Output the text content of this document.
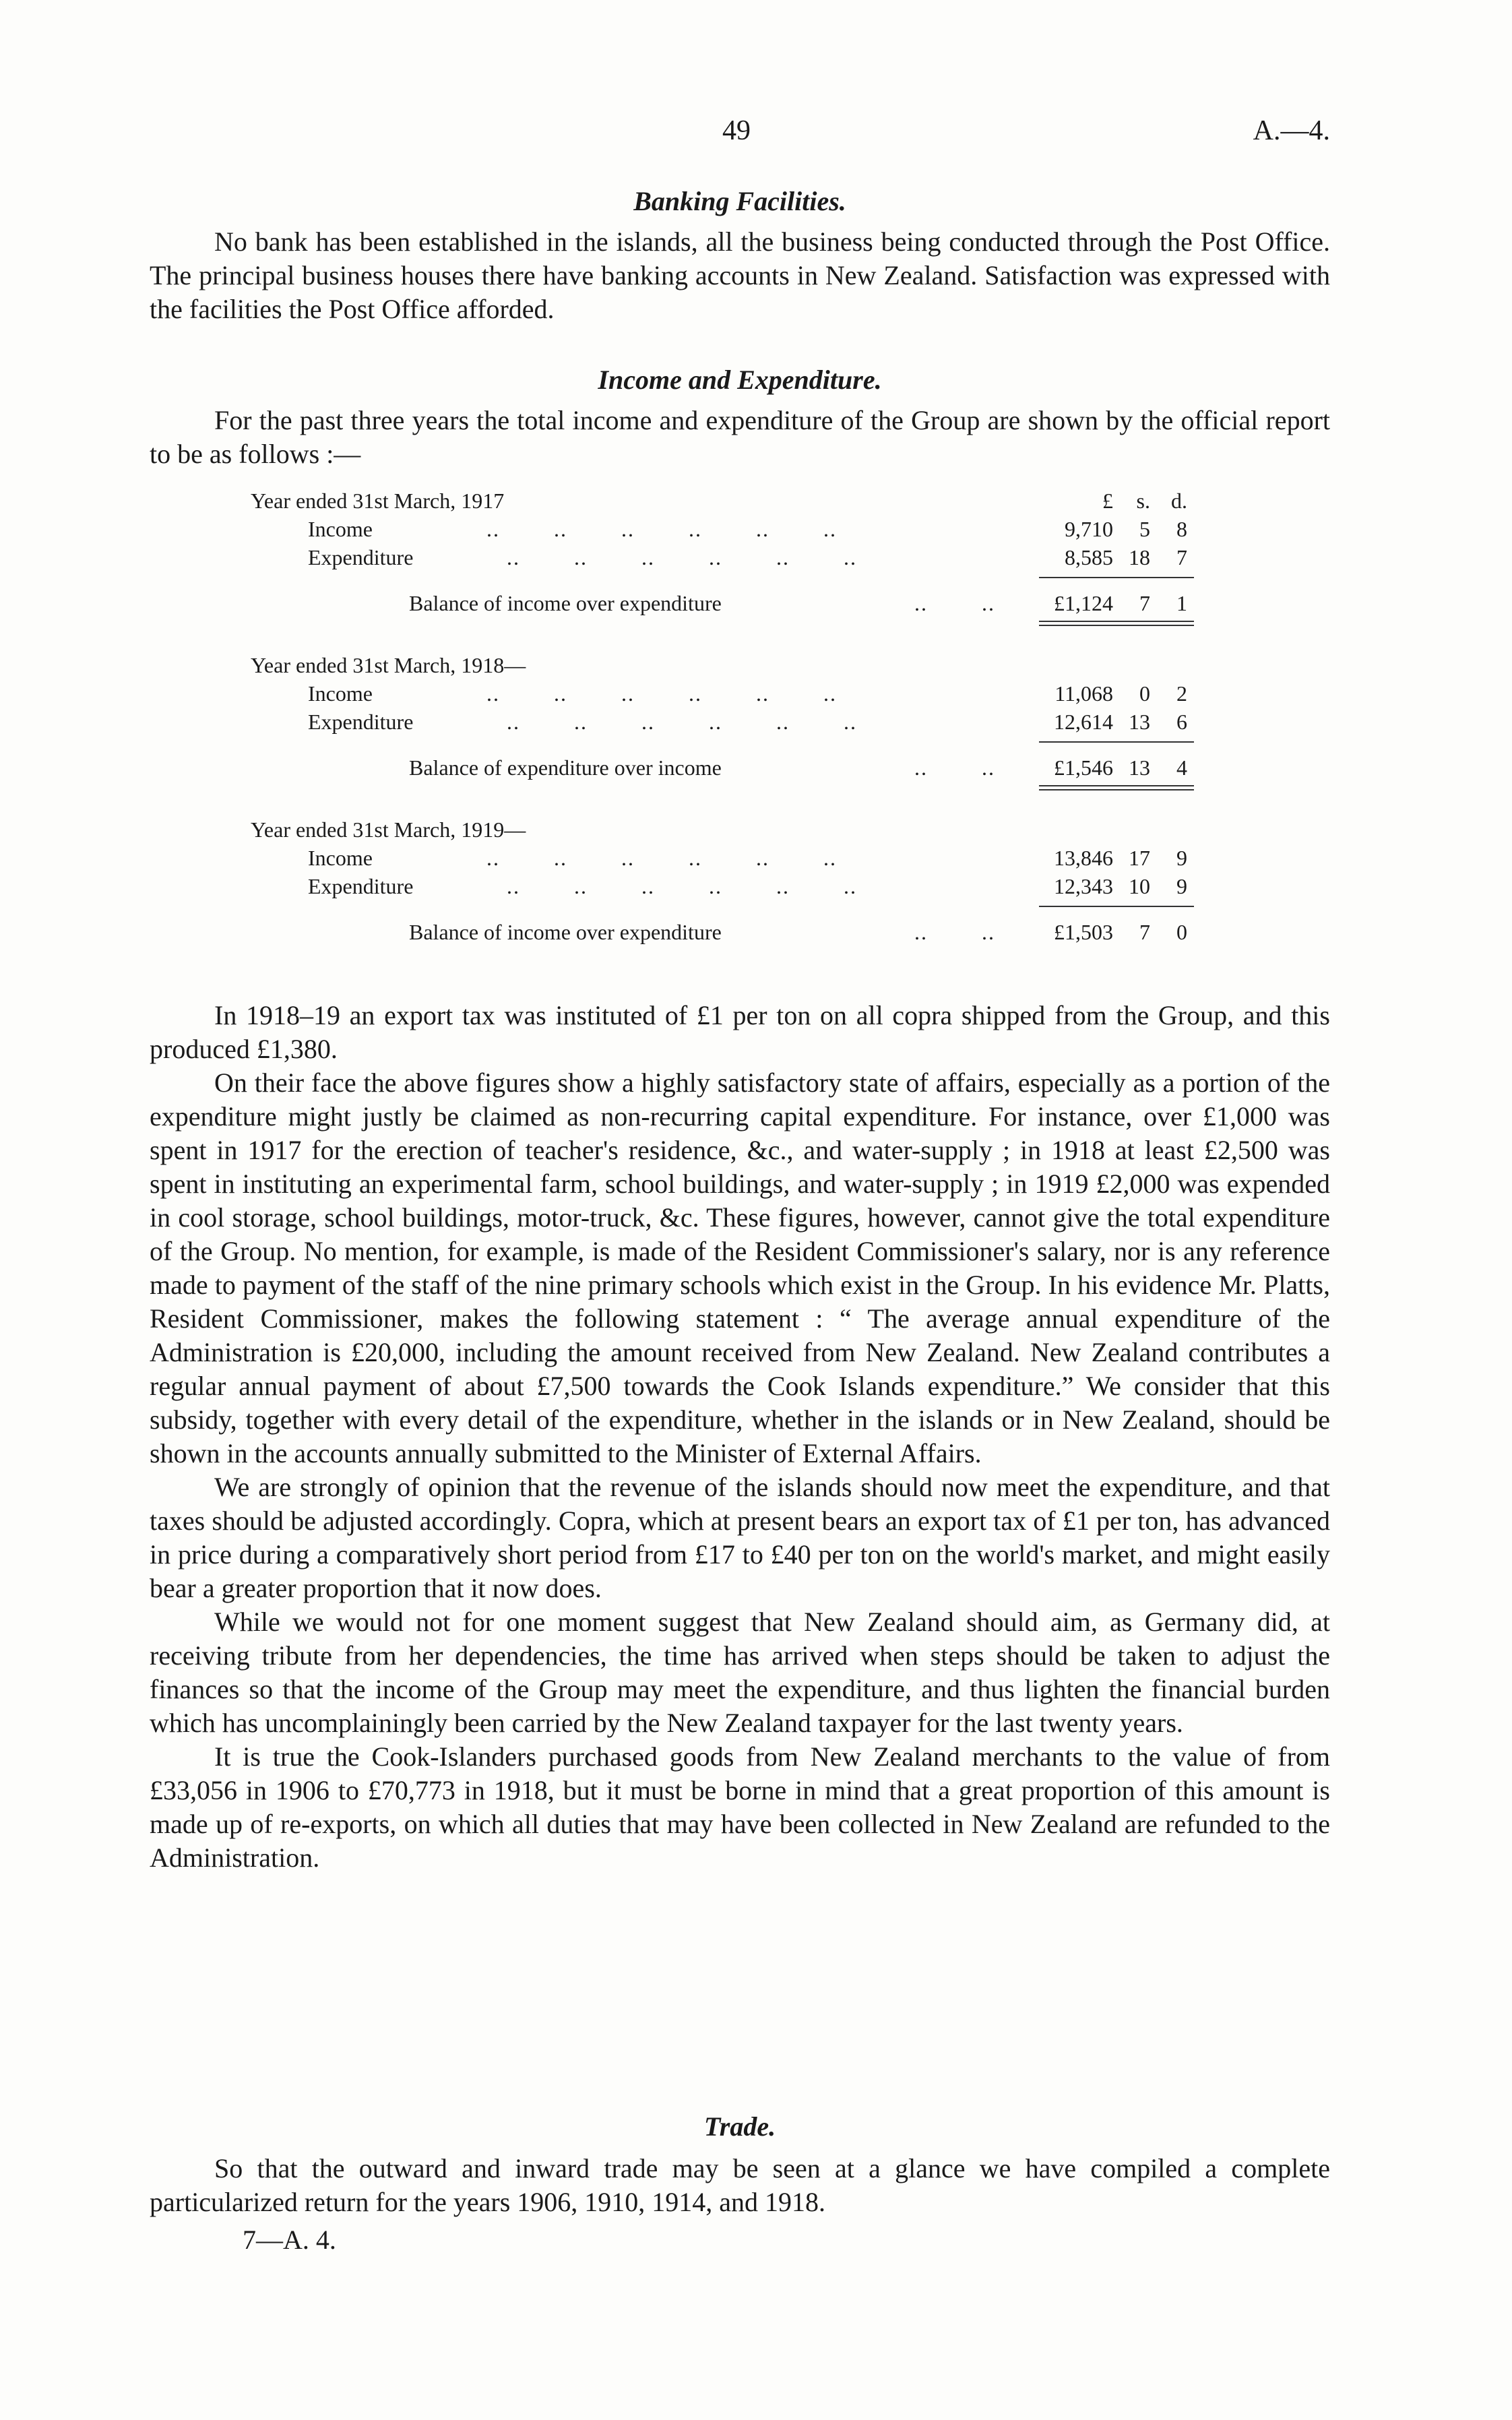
49	A.—4.
Banking Facilities.

No bank has been established in the islands, all the business being conducted through the Post Office. The principal business houses there have banking accounts in New Zealand. Satisfaction was expressed with the facilities the Post Office afforded.

Income and Expenditure.

For the past three years the total income and expenditure of the Group are shown by the official report to be as follows :—

Year ended 31st March, 1917	£	s. d.
Income	..        ..        ..        ..        ..        ..	9,710	5	8
Expenditure	..        ..        ..        ..        ..        ..	8,585 18	7
Balance of income over expenditure	..        ..	£1,124	7	1
Year ended 31st March, 1918—
Income	..        ..        ..        ..        ..        ..	11,068	0	2
Expenditure	..        ..        ..        ..        ..        ..	12,614 13	6
Balance of expenditure over income	..        ..	£1,546 13	4
Year ended 31st March, 1919—
Income	..        ..        ..        ..        ..        ..	13,846 17	9
Expenditure	..        ..        ..        ..        ..        ..	12,343 10	9
Balance of income over expenditure	..        ..	£1,503	7	0

In 1918–19 an export tax was instituted of £1 per ton on all copra shipped from the Group, and this produced £1,380.

On their face the above figures show a highly satisfactory state of affairs, especially as a portion of the expenditure might justly be claimed as non-recurring capital expenditure. For instance, over £1,000 was spent in 1917 for the erection of teacher's residence, &c., and water-supply ; in 1918 at least £2,500 was spent in instituting an experimental farm, school buildings, and water-supply ; in 1919 £2,000 was expended in cool storage, school buildings, motor-truck, &c. These figures, however, cannot give the total expenditure of the Group. No mention, for example, is made of the Resident Commissioner's salary, nor is any reference made to payment of the staff of the nine primary schools which exist in the Group. In his evidence Mr. Platts, Resident Commissioner, makes the following statement : “ The average annual expenditure of the Administration is £20,000, including the amount received from New Zealand. New Zealand contributes a regular annual payment of about £7,500 towards the Cook Islands expenditure.” We consider that this subsidy, together with every detail of the expenditure, whether in the islands or in New Zealand, should be shown in the accounts annually submitted to the Minister of External Affairs.

We are strongly of opinion that the revenue of the islands should now meet the expenditure, and that taxes should be adjusted accordingly. Copra, which at present bears an export tax of £1 per ton, has advanced in price during a comparatively short period from £17 to £40 per ton on the world's market, and might easily bear a greater proportion that it now does.

While we would not for one moment suggest that New Zealand should aim, as Germany did, at receiving tribute from her dependencies, the time has arrived when steps should be taken to adjust the finances so that the income of the Group may meet the expenditure, and thus lighten the financial burden which has uncomplainingly been carried by the New Zealand taxpayer for the last twenty years.

It is true the Cook-Islanders purchased goods from New Zealand merchants to the value of from £33,056 in 1906 to £70,773 in 1918, but it must be borne in mind that a great proportion of this amount is made up of re-exports, on which all duties that may have been collected in New Zealand are refunded to the Administration.

Trade.

So that the outward and inward trade may be seen at a glance we have compiled a complete particularized return for the years 1906, 1910, 1914, and 1918.

7—A. 4.
